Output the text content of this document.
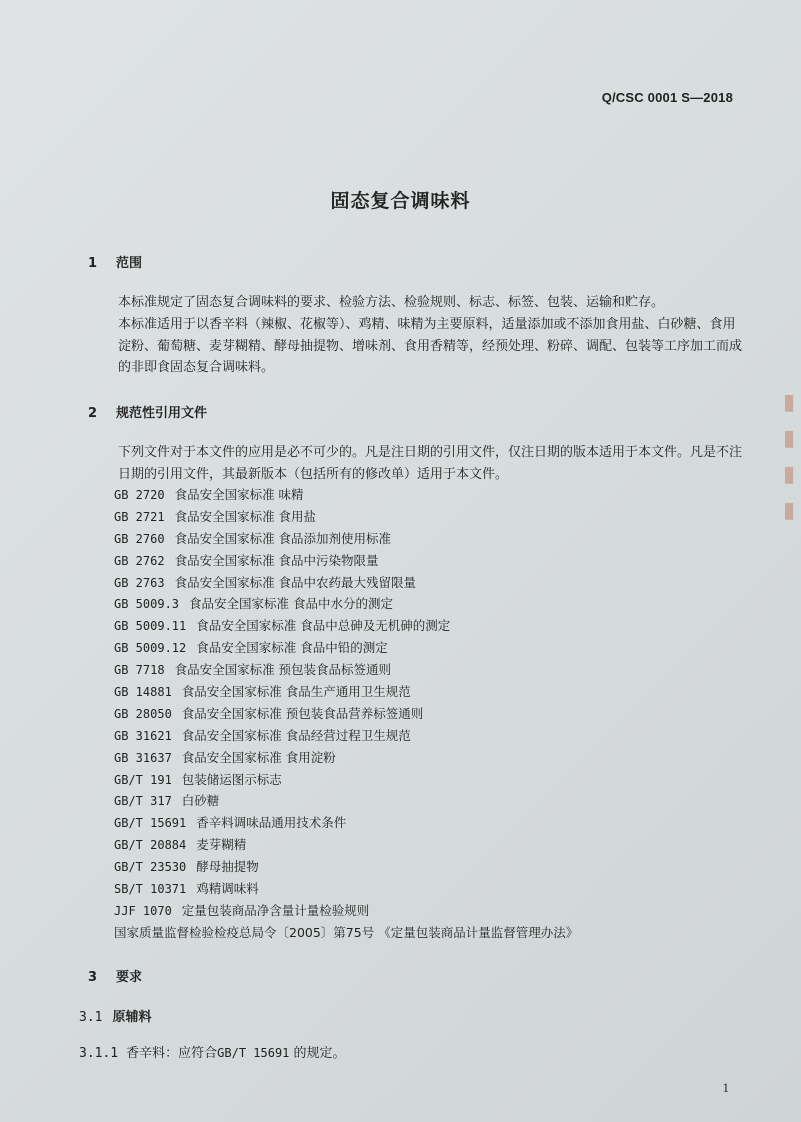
Q/CSC 0001 S—2018
固态复合调味料
1 范围
本标准规定了固态复合调味料的要求、检验方法、检验规则、标志、标签、包装、运输和贮存。
本标准适用于以香辛料（辣椒、花椒等）、鸡精、味精为主要原料，适量添加或不添加食用盐、白砂糖、食用淀粉、葡萄糖、麦芽糊精、酵母抽提物、增味剂、食用香精等，经预处理、粉碎、调配、包装等工序加工而成的非即食固态复合调味料。
2 规范性引用文件
下列文件对于本文件的应用是必不可少的。凡是注日期的引用文件，仅注日期的版本适用于本文件。凡是不注日期的引用文件，其最新版本（包括所有的修改单）适用于本文件。
GB 2720 食品安全国家标准 味精
GB 2721 食品安全国家标准 食用盐
GB 2760 食品安全国家标准 食品添加剂使用标准
GB 2762 食品安全国家标准 食品中污染物限量
GB 2763 食品安全国家标准 食品中农药最大残留限量
GB 5009.3 食品安全国家标准 食品中水分的测定
GB 5009.11 食品安全国家标准 食品中总砷及无机砷的测定
GB 5009.12 食品安全国家标准 食品中铅的测定
GB 7718 食品安全国家标准 预包装食品标签通则
GB 14881 食品安全国家标准 食品生产通用卫生规范
GB 28050 食品安全国家标准 预包装食品营养标签通则
GB 31621 食品安全国家标准 食品经营过程卫生规范
GB 31637 食品安全国家标准 食用淀粉
GB/T 191 包装储运图示标志
GB/T 317 白砂糖
GB/T 15691 香辛料调味品通用技术条件
GB/T 20884 麦芽糊精
GB/T 23530 酵母抽提物
SB/T 10371 鸡精调味料
JJF 1070 定量包装商品净含量计量检验规则
国家质量监督检验检疫总局令〔2005〕第75号 《定量包装商品计量监督管理办法》
3 要求
3.1 原辅料
3.1.1 香辛料：应符合GB/T 15691 的规定。
1
▮
▮
▮
▮
